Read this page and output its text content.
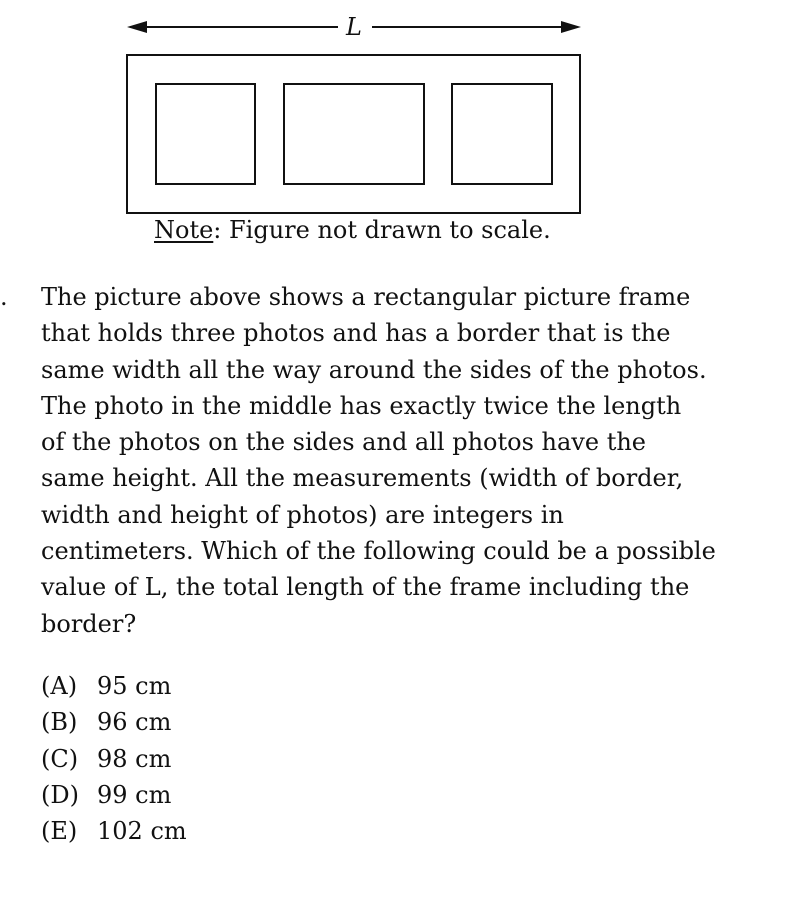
L
Note: Figure not drawn to scale.
. The picture above shows a rectangular picture frame
that holds three photos and has a border that is the
same width all the way around the sides of the photos.
The photo in the middle has exactly twice the length
of the photos on the sides and all photos have the
same height. All the measurements (width of border,
width and height of photos) are integers in
centimeters. Which of the following could be a possible
value of L, the total length of the frame including the
border?

(A) 95 cm
(B) 96 cm
(C) 98 cm
(D) 99 cm
(E) 102 cm
